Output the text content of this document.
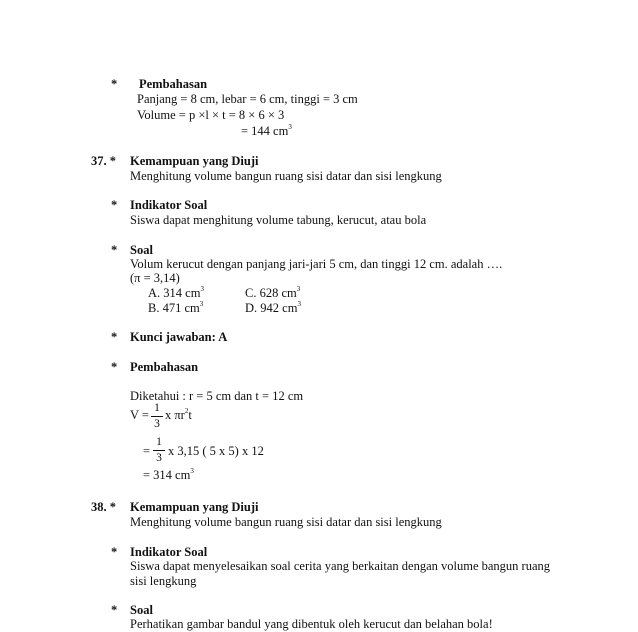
* Pembahasan
Panjang = 8 cm, lebar = 6 cm, tinggi = 3 cm
Volume = p ×l × t = 8 × 6 × 3
= 144 $cm^3$
37. * Kemampuan yang Diuji
Menghitung volume bangun ruang sisi datar dan sisi lengkung
* Indikator Soal
Siswa dapat menghitung volume tabung, kerucut, atau bola
* Soal
Volum kerucut dengan panjang jari-jari 5 cm, dan tinggi 12 cm. adalah ….
(π = 3,14)
A. 314 $cm^3$	C. 628 $cm^3$
B. 471 $cm^3$	D. 942 $cm^3$
* Kunci jawaban: A
* Pembahasan
Diketahui : r = 5 cm dan t = 12 cm
V = 1
3
x $\pi r^2t$
=
1
3 x 3,15 ( 5 x 5) x 12
= 314 $cm^3$
38. * Kemampuan yang Diuji
Menghitung volume bangun ruang sisi datar dan sisi lengkung
* Indikator Soal
Siswa dapat menyelesaikan soal cerita yang berkaitan dengan volume bangun ruang
sisi lengkung
* Soal
Perhatikan gambar bandul yang dibentuk oleh kerucut dan belahan bola!
